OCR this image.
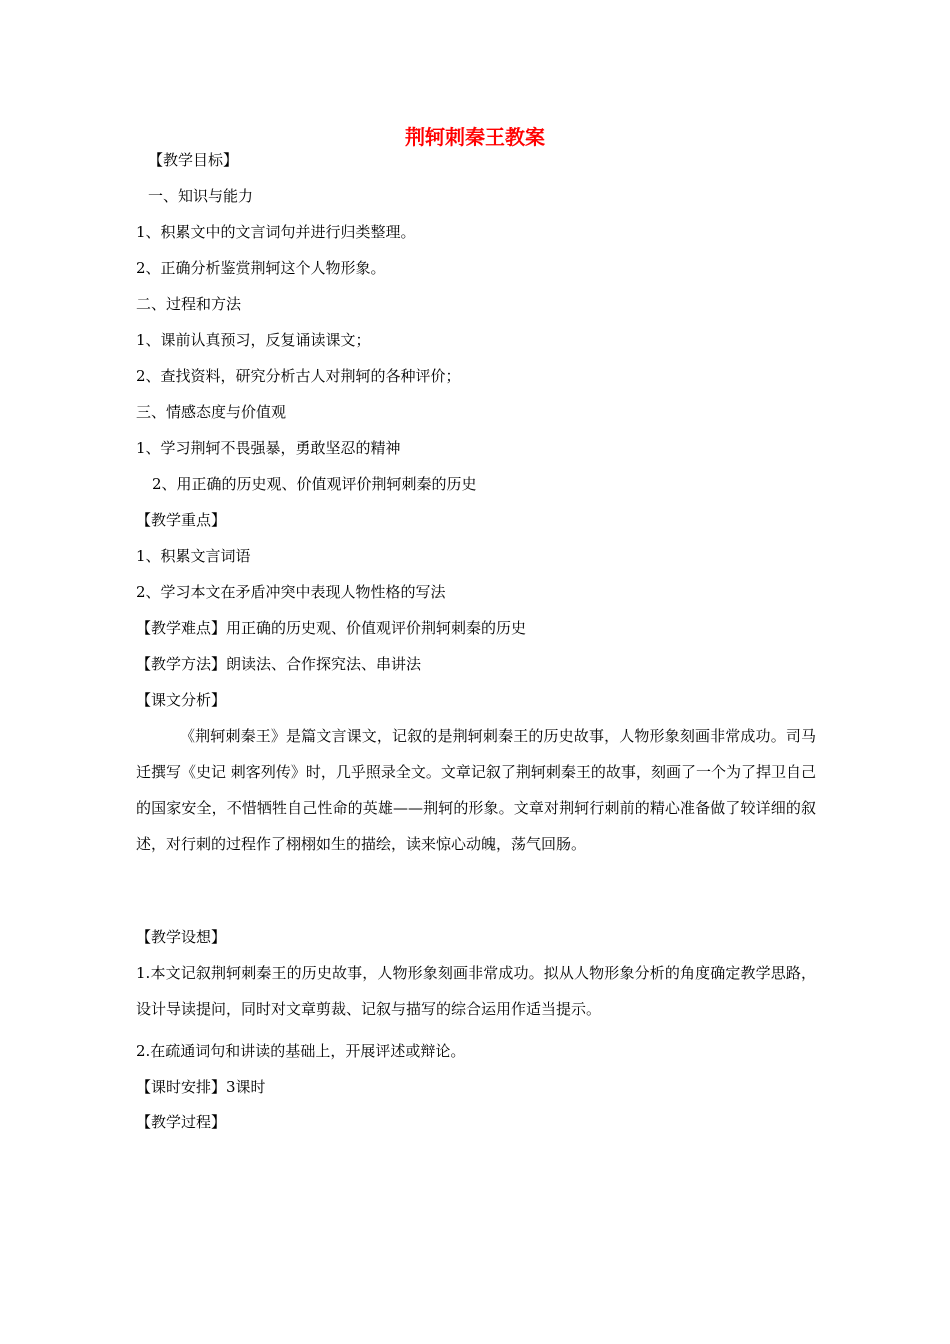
荆轲刺秦王教案
【教学目标】
一、知识与能力
1、积累文中的文言词句并进行归类整理。
2、正确分析鉴赏荆轲这个人物形象。
二、过程和方法
1、课前认真预习，反复诵读课文；
2、查找资料，研究分析古人对荆轲的各种评价；
三、情感态度与价值观
1、学习荆轲不畏强暴，勇敢坚忍的精神
2、用正确的历史观、价值观评价荆轲刺秦的历史
【教学重点】
1、积累文言词语
2、学习本文在矛盾冲突中表现人物性格的写法
【教学难点】用正确的历史观、价值观评价荆轲刺秦的历史
【教学方法】朗读法、合作探究法、串讲法
【课文分析】
《荆轲刺秦王》是篇文言课文，记叙的是荆轲刺秦王的历史故事，人物形象刻画非常成功。司马迁撰写《史记 刺客列传》时，几乎照录全文。文章记叙了荆轲刺秦王的故事，刻画了一个为了捍卫自己的国家安全，不惜牺牲自己性命的英雄——荆轲的形象。文章对荆轲行刺前的精心准备做了较详细的叙述，对行刺的过程作了栩栩如生的描绘，读来惊心动魄，荡气回肠。
【教学设想】
1.本文记叙荆轲刺秦王的历史故事，人物形象刻画非常成功。拟从人物形象分析的角度确定教学思路，设计导读提问，同时对文章剪裁、记叙与描写的综合运用作适当提示。
2.在疏通词句和讲读的基础上，开展评述或辩论。
【课时安排】3课时
【教学过程】
